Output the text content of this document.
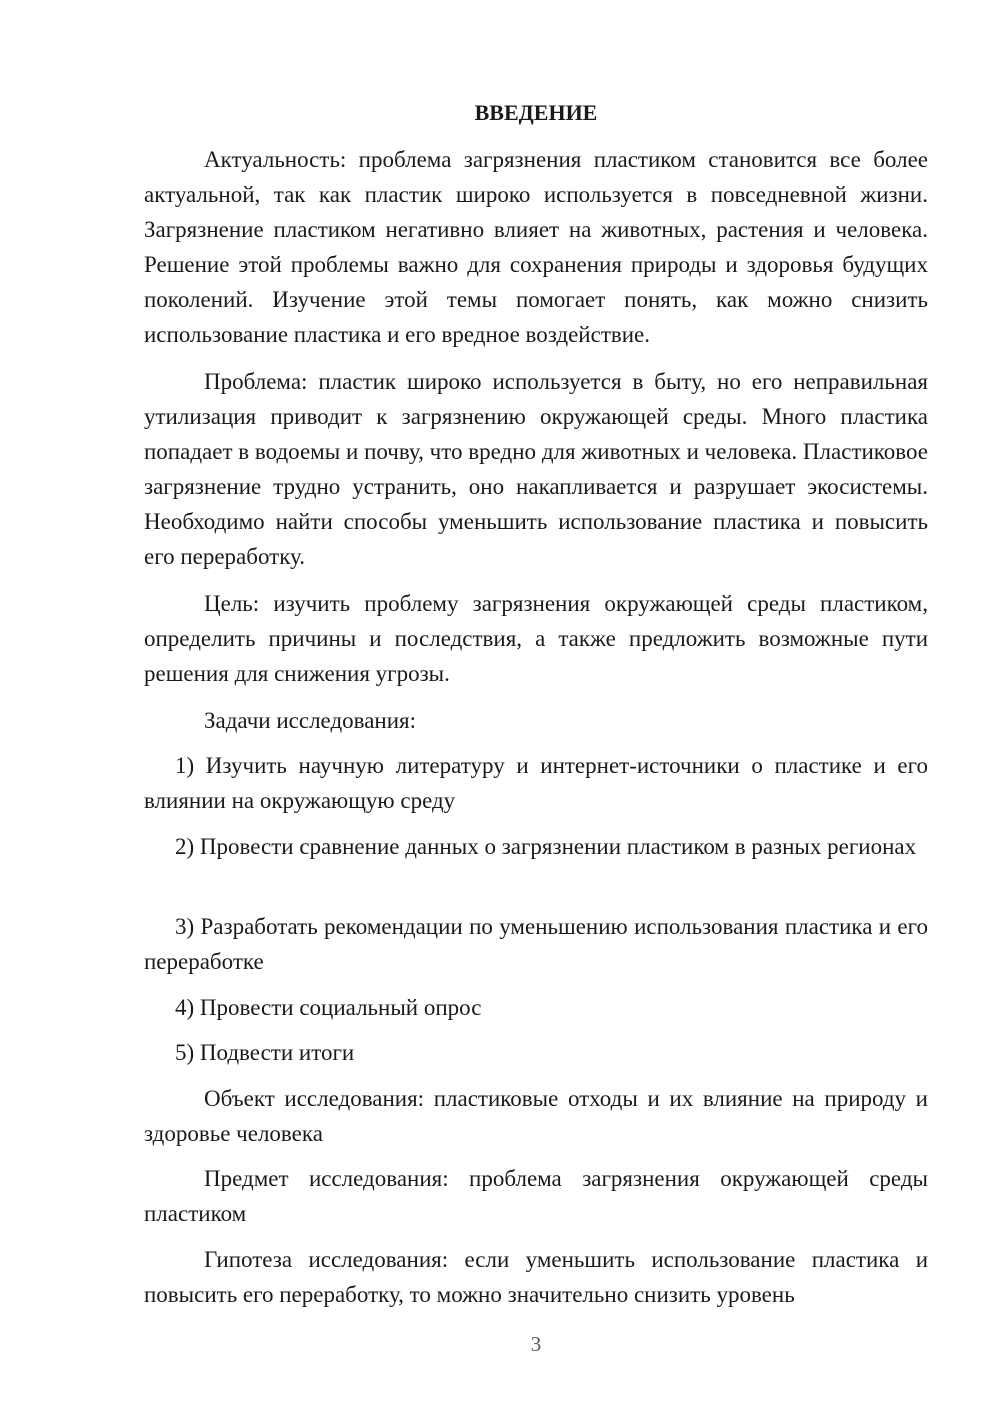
ВВЕДЕНИЕ

Актуальность: проблема загрязнения пластиком становится все более актуальной, так как пластик широко используется в повседневной жизни. Загрязнение пластиком негативно влияет на животных, растения и человека. Решение этой проблемы важно для сохранения природы и здоровья будущих поколений. Изучение этой темы помогает понять, как можно снизить использование пластика и его вредное воздействие.

Проблема: пластик широко используется в быту, но его неправильная утилизация приводит к загрязнению окружающей среды. Много пластика попадает в водоемы и почву, что вредно для животных и человека. Пластиковое загрязнение трудно устранить, оно накапливается и разрушает экосистемы. Необходимо найти способы уменьшить использование пластика и повысить его переработку.

Цель: изучить проблему загрязнения окружающей среды пластиком, определить причины и последствия, а также предложить возможные пути решения для снижения угрозы.

Задачи исследования:

1) Изучить научную литературу и интернет-источники о пластике и его влиянии на окружающую среду

2) Провести сравнение данных о загрязнении пластиком в разных регионах

3) Разработать рекомендации по уменьшению использования пластика и его переработке

4) Провести социальный опрос

5) Подвести итоги

Объект исследования: пластиковые отходы и их влияние на природу и здоровье человека

Предмет исследования: проблема загрязнения окружающей среды пластиком

Гипотеза исследования: если уменьшить использование пластика и повысить его переработку, то можно значительно снизить уровень

3
